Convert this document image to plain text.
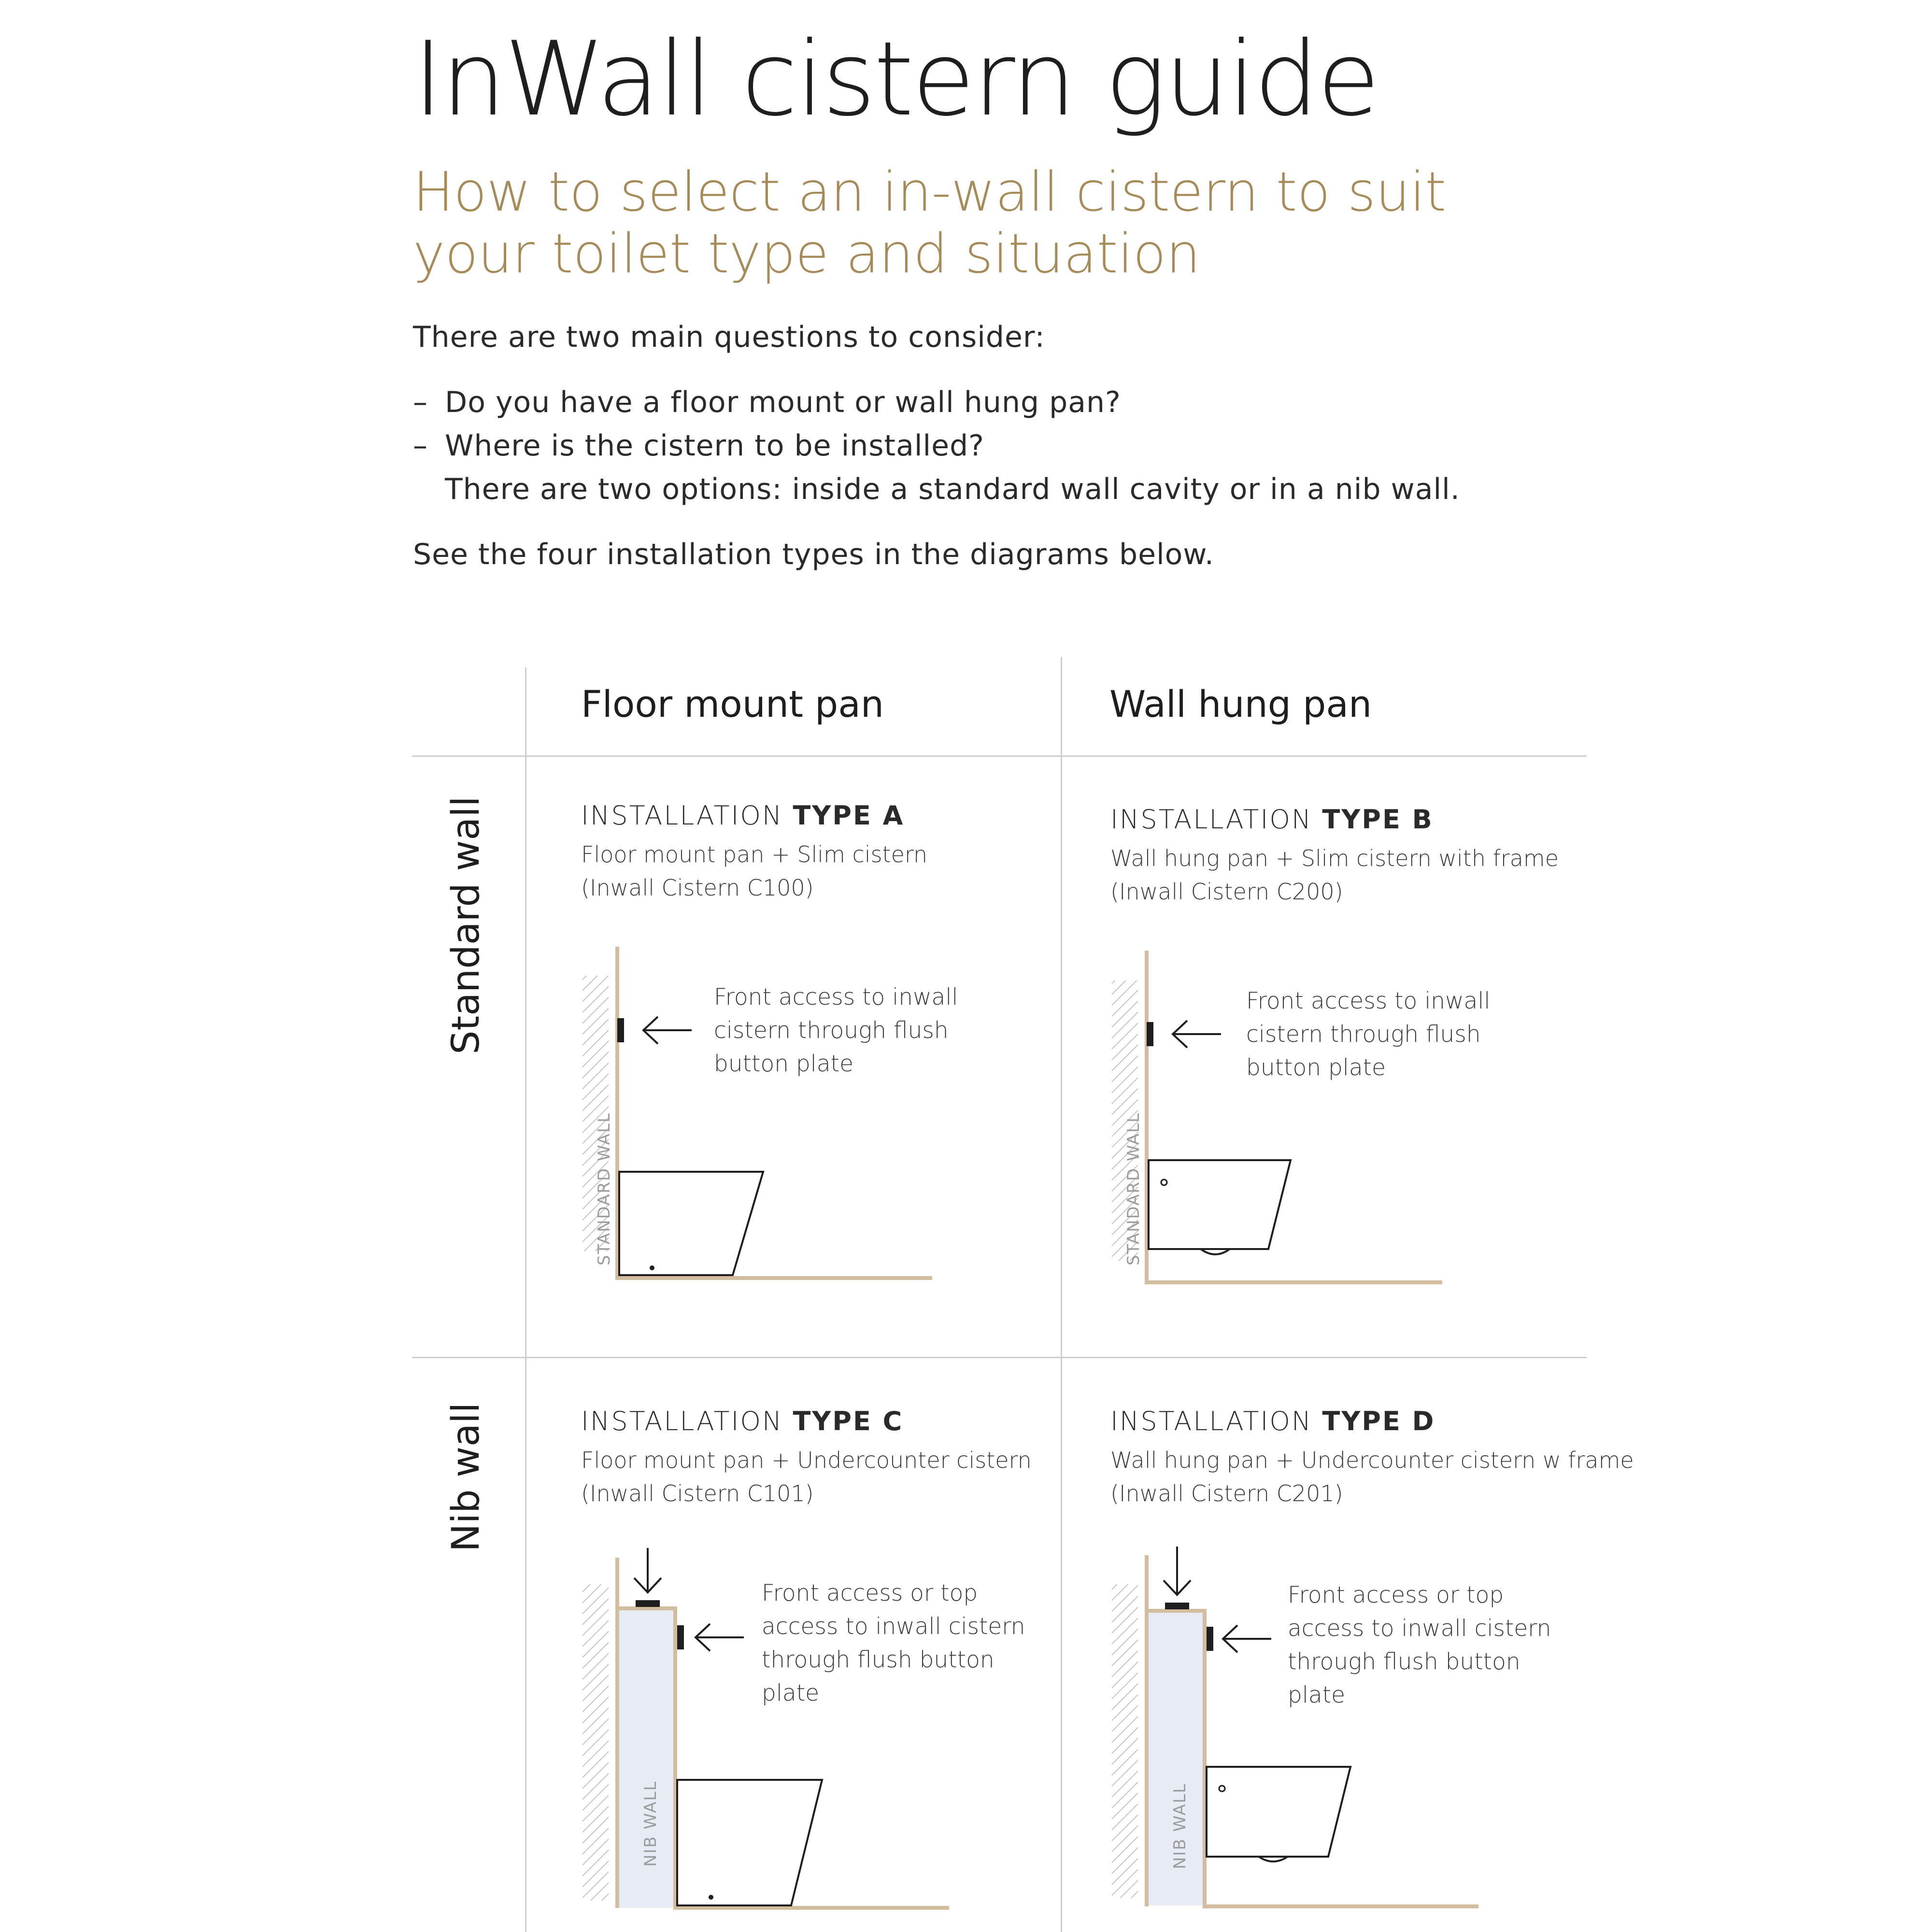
InWall cistern guide

How to select an in-wall cistern to suit

your toilet type and situation

There are two main questions to consider:
– Do you have a floor mount or wall hung pan?
– Where is the cistern to be installed?
There are two options: inside a standard wall cavity or in a nib wall.
See the four installation types in the diagrams below.
Floor mount pan	Wall hung pan
Standard wall
Nib wall
INSTALLATION TYPE A
Floor mount pan + Slim cistern
(Inwall Cistern C100)
Front access to inwall
cistern through flush
button plate
STANDARD WALL
INSTALLATION TYPE B
Wall hung pan + Slim cistern with frame
(Inwall Cistern C200)
Front access to inwall
cistern through flush
button plate
STANDARD WALL
INSTALLATION TYPE C
Floor mount pan + Undercounter cistern
(Inwall Cistern C101)
Front access or top
access to inwall cistern
through flush button
plate
NIB WALL
INSTALLATION TYPE D
Wall hung pan + Undercounter cistern w frame
(Inwall Cistern C201)
Front access or top
access to inwall cistern
through flush button
plate
NIB WALL
